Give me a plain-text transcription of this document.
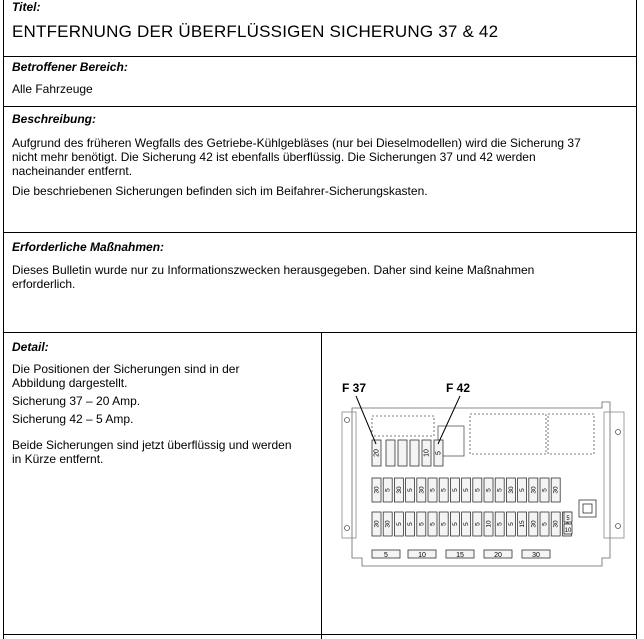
Titel:
ENTFERNUNG DER ÜBERFLÜSSIGEN SICHERUNG 37 & 42
Betroffener Bereich:
Alle Fahrzeuge
Beschreibung:
Aufgrund des früheren Wegfalls des Getriebe-Kühlgebläses (nur bei Dieselmodellen) wird die Sicherung 37
nicht mehr benötigt. Die Sicherung 42 ist ebenfalls überflüssig. Die Sicherungen 37 und 42 werden
nacheinander entfernt.
Die beschriebenen Sicherungen befinden sich im Beifahrer-Sicherungskasten.
Erforderliche Maßnahmen:
Dieses Bulletin wurde nur zu Informationszwecken herausgegeben. Daher sind keine Maßnahmen
erforderlich.
Detail:
Die Positionen der Sicherungen sind in der
Abbildung dargestellt.
Sicherung 37 – 20 Amp.
Sicherung 42 – 5 Amp.
Beide Sicherungen sind jetzt überflüssig und werden
in Kürze entfernt.	20	10 5
30 5 30 5 30 5 5 5 5 5 5 5 30 5 30 5 30
30 30 5 5 5 5 5 5 5 5 10 5 5 15 30 5 30
5
10
5	10	15	20	30
F 37	F 42
